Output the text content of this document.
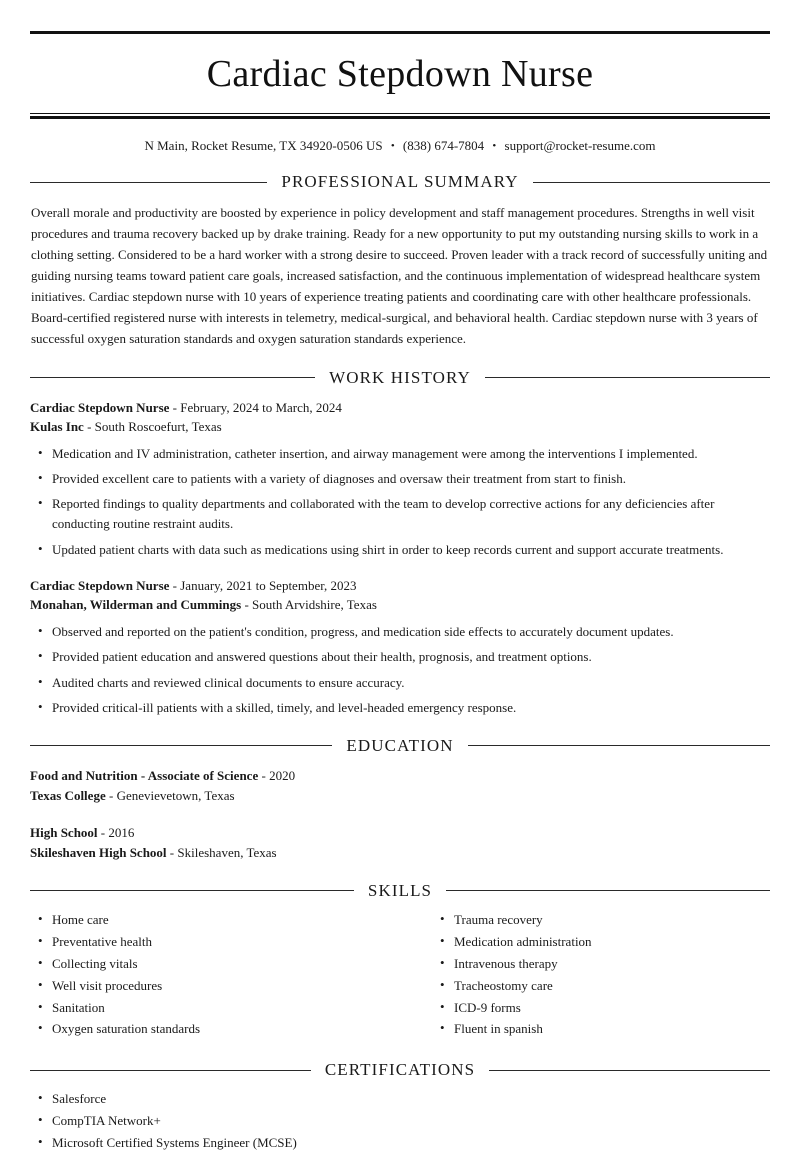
Cardiac Stepdown Nurse
N Main, Rocket Resume, TX 34920-0506 US • (838) 674-7804 • support@rocket-resume.com
PROFESSIONAL SUMMARY

Overall morale and productivity are boosted by experience in policy development and staff management procedures. Strengths in well visit procedures and trauma recovery backed up by drake training. Ready for a new opportunity to put my outstanding nursing skills to work in a clothing setting. Considered to be a hard worker with a strong desire to succeed. Proven leader with a track record of successfully uniting and guiding nursing teams toward patient care goals, increased satisfaction, and the continuous implementation of widespread healthcare system initiatives. Cardiac stepdown nurse with 10 years of experience treating patients and coordinating care with other healthcare professionals. Board-certified registered nurse with interests in telemetry, medical-surgical, and behavioral health. Cardiac stepdown nurse with 3 years of successful oxygen saturation standards and oxygen saturation standards experience.

WORK HISTORY
Cardiac Stepdown Nurse - February, 2024 to March, 2024
Kulas Inc - South Roscoefurt, Texas
• Medication and IV administration, catheter insertion, and airway management were among the interventions I implemented.
• Provided excellent care to patients with a variety of diagnoses and oversaw their treatment from start to finish.
• Reported findings to quality departments and collaborated with the team to develop corrective actions for any deficiencies after conducting routine restraint audits.
• Updated patient charts with data such as medications using shirt in order to keep records current and support accurate treatments.
Cardiac Stepdown Nurse - January, 2021 to September, 2023
Monahan, Wilderman and Cummings - South Arvidshire, Texas
• Observed and reported on the patient's condition, progress, and medication side effects to accurately document updates.
• Provided patient education and answered questions about their health, prognosis, and treatment options.
• Audited charts and reviewed clinical documents to ensure accuracy.
• Provided critical-ill patients with a skilled, timely, and level-headed emergency response.
EDUCATION
Food and Nutrition - Associate of Science - 2020
Texas College - Genevievetown, Texas
High School - 2016
Skileshaven High School - Skileshaven, Texas
SKILLS
• Home care
• Preventative health
• Collecting vitals
• Well visit procedures
• Sanitation
• Oxygen saturation standards
• Trauma recovery
• Medication administration
• Intravenous therapy
• Tracheostomy care
• ICD-9 forms
• Fluent in spanish
CERTIFICATIONS
• Salesforce
• CompTIA Network+
• Microsoft Certified Systems Engineer (MCSE)
